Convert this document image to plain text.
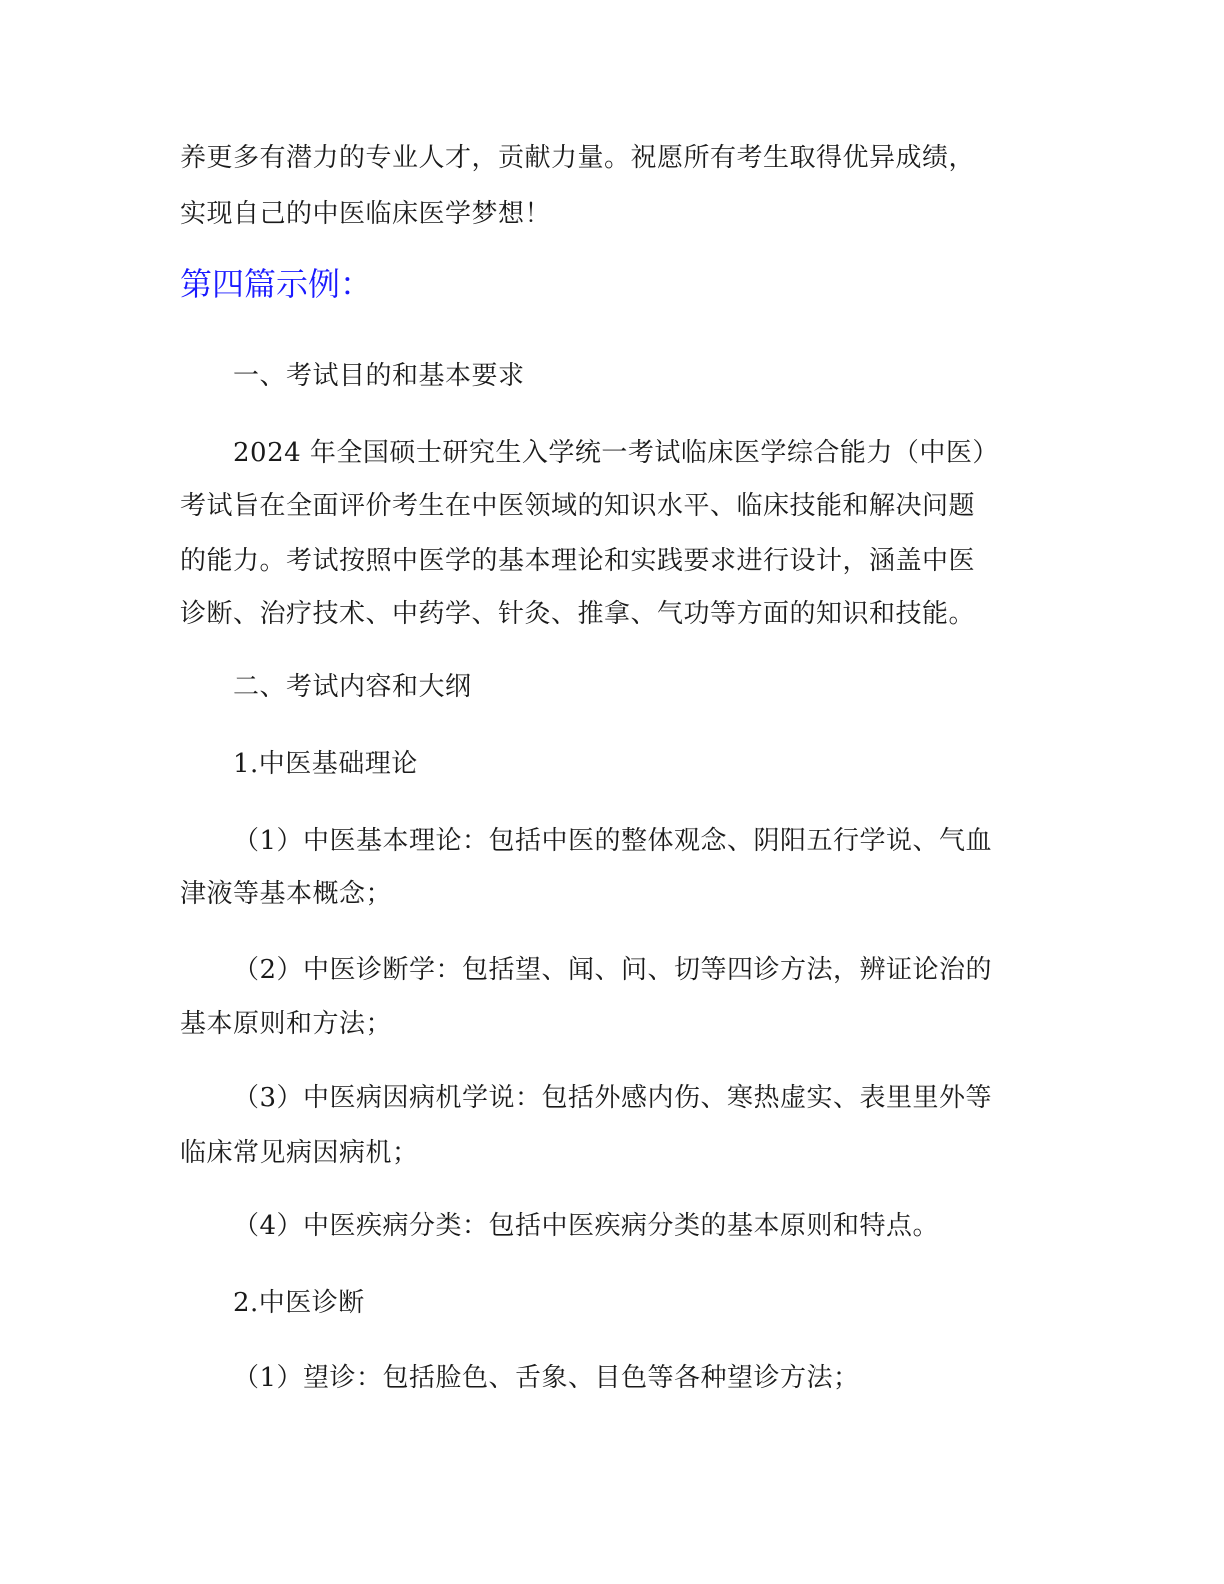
养更多有潜力的专业人才，贡献力量。祝愿所有考生取得优异成绩，
实现自己的中医临床医学梦想！
第四篇示例：
一、考试目的和基本要求
2024 年全国硕士研究生入学统一考试临床医学综合能力（中医）
考试旨在全面评价考生在中医领域的知识水平、临床技能和解决问题
的能力。考试按照中医学的基本理论和实践要求进行设计，涵盖中医
诊断、治疗技术、中药学、针灸、推拿、气功等方面的知识和技能。
二、考试内容和大纲
1.中医基础理论
（1）中医基本理论：包括中医的整体观念、阴阳五行学说、气血
津液等基本概念；
（2）中医诊断学：包括望、闻、问、切等四诊方法，辨证论治的
基本原则和方法；
（3）中医病因病机学说：包括外感内伤、寒热虚实、表里里外等
临床常见病因病机；
（4）中医疾病分类：包括中医疾病分类的基本原则和特点。
2.中医诊断
（1）望诊：包括脸色、舌象、目色等各种望诊方法；
